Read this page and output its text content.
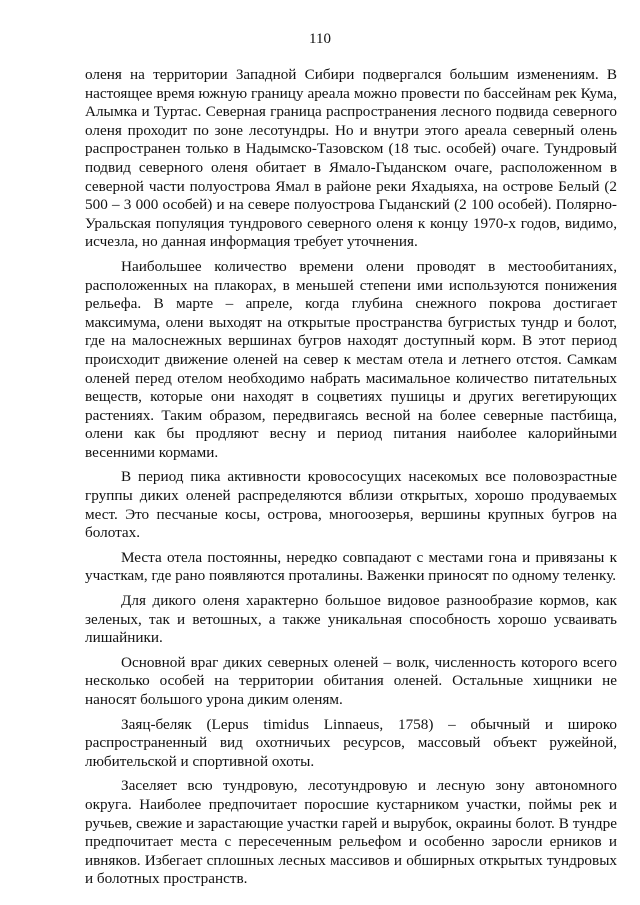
110

оленя на территории Западной Сибири подвергался большим изменениям. В настоящее время южную границу ареала можно провести по бассейнам рек Кума, Алымка и Туртас. Северная граница распространения лесного подвида северного оленя проходит по зоне лесотундры. Но и внутри этого ареала северный олень распространен только в Надымско-Тазовском (18 тыс. особей) очаге. Тундровый подвид северного оленя обитает в Ямало-Гыданском очаге, расположенном в северной части полуострова Ямал в районе реки Яхадыяха, на острове Белый (2 500 – 3 000 особей) и на севере полуострова Гыданский (2 100 особей). Полярно-Уральская популяция тундрового северного оленя к концу 1970-х годов, видимо, исчезла, но данная информация требует уточнения.

Наибольшее количество времени олени проводят в местообитаниях, расположенных на плакорах, в меньшей степени ими используются понижения рельефа. В марте – апреле, когда глубина снежного покрова достигает максимума, олени выходят на открытые пространства бугристых тундр и болот, где на малоснежных вершинах бугров находят доступный корм. В этот период происходит движение оленей на север к местам отела и летнего отстоя. Самкам оленей перед отелом необходимо набрать масимальное количество питательных веществ, которые они находят в соцветиях пушицы и других вегетирующих растениях. Таким образом, передвигаясь весной на более северные пастбища, олени как бы продляют весну и период питания наиболее калорийными весенними кормами.

В период пика активности кровососущих насекомых все половозрастные группы диких оленей распределяются вблизи открытых, хорошо продуваемых мест. Это песчаные косы, острова, многоозерья, вершины крупных бугров на болотах.

Места отела постоянны, нередко совпадают с местами гона и привязаны к участкам, где рано появляются проталины. Важенки приносят по одному теленку.

Для дикого оленя характерно большое видовое разнообразие кормов, как зеленых, так и ветошных, а также уникальная способность хорошо усваивать лишайники.

Основной враг диких северных оленей – волк, численность которого всего несколько особей на территории обитания оленей. Остальные хищники не наносят большого урона диким оленям.

Заяц-беляк (Lepus timidus Linnaeus, 1758) – обычный и широко распространенный вид охотничьих ресурсов, массовый объект ружейной, любительской и спортивной охоты.

Заселяет всю тундровую, лесотундровую и лесную зону автономного округа. Наиболее предпочитает поросшие кустарником участки, поймы рек и ручьев, свежие и зарастающие участки гарей и вырубок, окраины болот. В тундре предпочитает места с пересеченным рельефом и особенно заросли ерников и ивняков. Избегает сплошных лесных массивов и обширных открытых тундровых и болотных пространств.
